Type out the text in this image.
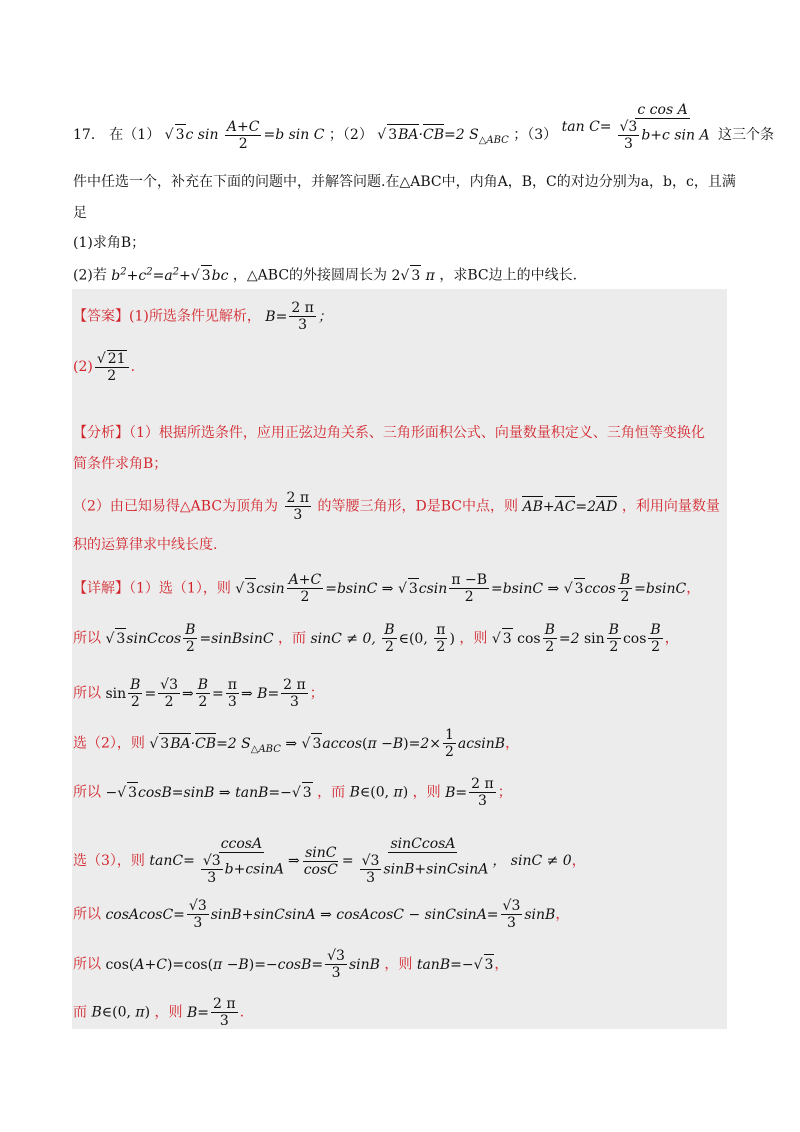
17． 在（1） √ 3c $\sin \frac{A+C}{2} =b$ sin C ；（2） √ 3BA·CB=2 $S_{\triangle ABC}$ ；（3） $\tan C= \frac{\text{c cos A}}{\frac{√3}{3} b+c \sin A}$ 这三个条
件中任选一个，补充在下面的问题中，并解答问题.在△ABC中，内角A，B，C的对边分别为a，b，c，且满
足
(1)求角B；
(2)若 $b^2+c^2=a^2+√$ 3bc ，△ABC的外接圆周长为 2√ 3 π ，求BC边上的中线长.
【答案】(1)所选条件见解析， $B= \frac{2 \pi}{3}$ ；
$(2) \frac{√ 21}{2}$ .
【分析】（1）根据所选条件，应用正弦边角关系、三角形面积公式、向量数量积定义、三角恒等变换化
简条件求角B；
（2）由已知易得△ABC为顶角为 $\frac{2 \pi}{3}$ 的等腰三角形，D是BC中点，则 AB+AC=2AD ，利用向量数量
积的运算律求中线长度.
【详解】（1）选（1），则 √ $3csin \frac{A+C}{2} =bsinC$ ⇒ √ $3csin \frac{\pi -B}{2} =bsinC$ ⇒ √ $3ccos \frac{B}{2} =bsinC$，
所以 √ 3sinCcos $\frac{B}{2}$ =sinBsinC ，而 sinC ≠ 0, $\frac{B}{2}$ ∈(0, $\frac{\pi}{2}$ ) ，则 √ 3 $\cos \frac{B}{2} =2$ $\sin \frac{B}{2}$ $\cos \frac{B}{2}$ ，
所以 $\sin \frac{B}{2} = \frac{√3}{2}$ ⇒ $\frac{B}{2} = \frac{\pi}{3}$ ⇒ $B= \frac{2 \pi}{3}$ ；
选（2），则 √ 3BA·CB=2 $S_{\triangle ABC}$ ⇒ √ $3accos(\pi -B)=2\times \frac{1}{2}$ acsinB，
所以 −√ 3cosB=sinB ⇒ tanB=−√ 3 ，而 B∈(0, π) ，则 $B= \frac{2 \pi}{3}$ ；
选（3），则 $\tan C= \frac{ccosA}{\frac{√3}{3} b+csinA}$ ⇒ $\frac{\sin C}{\cos C} = \frac{\text{sinCcosA}}{\frac{√3}{3} \sin B+sinCsinA}$ ， sinC ≠ 0，
所以 cosAcosC= $\frac{√3}{3}$ sinB+sinCsinA ⇒ cosAcosC − sinCsinA= $\frac{√3}{3}$ sinB，
所以 $\cos(A+C)=\cos(\pi -B)=-\cos B= \frac{√3}{3}$ sinB ，则 tanB=−√ 3，
而 B∈(0, π) ，则 $B= \frac{2 \pi}{3}$ .
